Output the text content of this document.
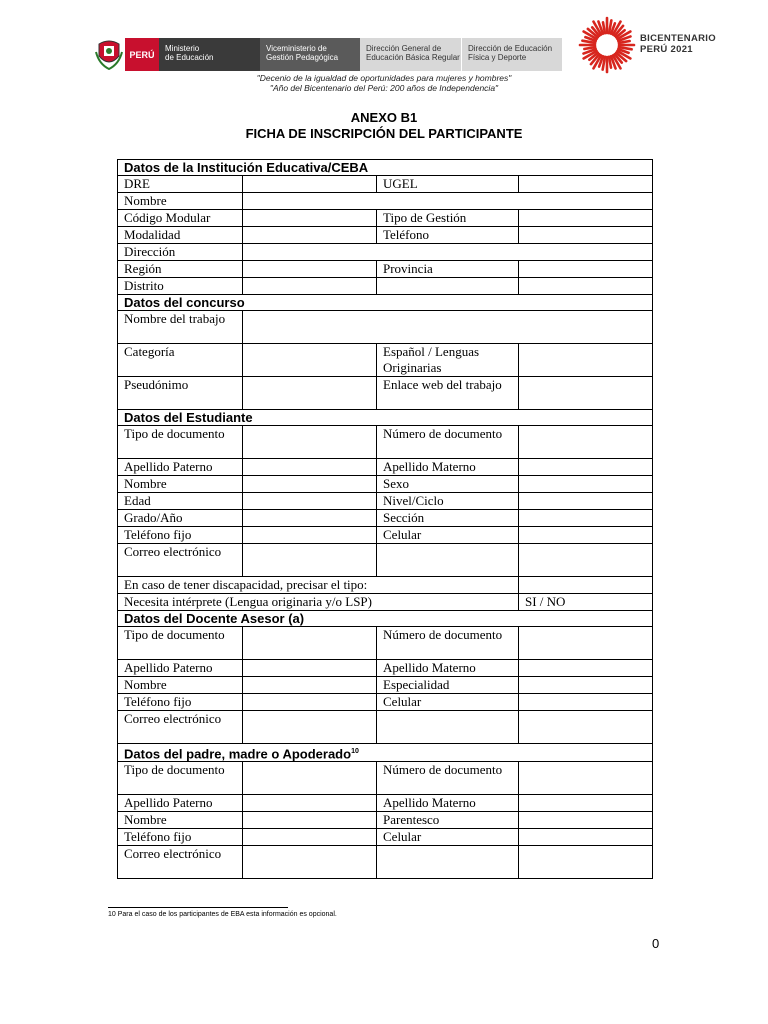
PERÚ
Ministerio
de Educación
Viceministerio de
Gestión Pedagógica
Dirección General de
Educación Básica Regular
Dirección de Educación
Física y Deporte
BICENTENARIO
PERÚ 2021
"Decenio de la igualdad de oportunidades para mujeres y hombres"
"Año del Bicentenario del Perú: 200 años de Independencia"
ANEXO B1
FICHA DE INSCRIPCIÓN DEL PARTICIPANTE
Datos de la Institución Educativa/CEBA			
DRE		UGEL	
Nombre			
Código Modular		Tipo de Gestión	
Modalidad		Teléfono	
Dirección			
Región		Provincia	
Distrito			
Datos del concurso			
Nombre del trabajo			
Categoría		Español / Lenguas Originarias	
Pseudónimo		Enlace web del trabajo	
Datos del Estudiante			
Tipo de documento		Número de documento	
Apellido Paterno		Apellido Materno	
Nombre		Sexo	
Edad		Nivel/Ciclo	
Grado/Año		Sección	
Teléfono fijo		Celular	
Correo electrónico			
En caso de tener discapacidad, precisar el tipo:			
Necesita intérprete (Lengua originaria y/o LSP)			SI / NO
Datos del Docente Asesor (a)			
Tipo de documento		Número de documento	
Apellido Paterno		Apellido Materno	
Nombre		Especialidad	
Teléfono fijo		Celular	
Correo electrónico			
Datos del padre, madre o Apoderado$^{10}$
Tipo de documento		Número de documento	
Apellido Paterno		Apellido Materno	
Nombre		Parentesco	
Teléfono fijo		Celular	
Correo electrónico			
10 Para el caso de los participantes de EBA esta información es opcional.
0
